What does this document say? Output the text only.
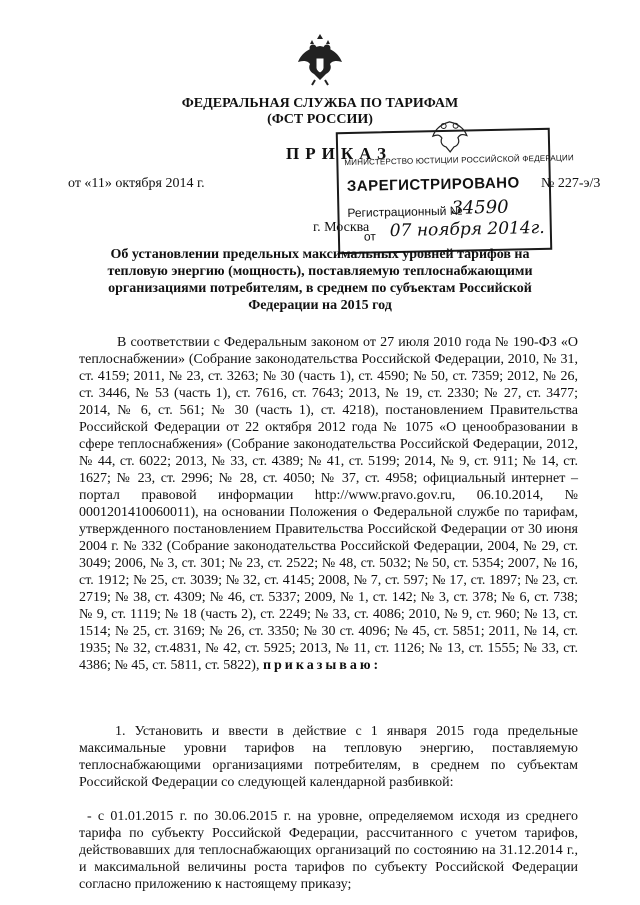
ФЕДЕРАЛЬНАЯ СЛУЖБА ПО ТАРИФАМ
(ФСТ РОССИИ)
ПРИКАЗ
от «11» октября 2014 г.	№ 227-э/3
г. Москва
МИНИСТЕРСТВО ЮСТИЦИИ РОССИЙСКОЙ ФЕДЕРАЦИИ
ЗАРЕГИСТРИРОВАНО
Регистрационный №
34590
от 07 ноября 2014г.
Об установлении предельных максимальных уровней тарифов на тепловую энергию (мощность), поставляемую теплоснабжающими организациями потребителям, в среднем по субъектам Российской Федерации на 2015 год
В соответствии с Федеральным законом от 27 июля 2010 года № 190-ФЗ «О теплоснабжении» (Собрание законодательства Российской Федерации, 2010, № 31, ст. 4159; 2011, № 23, ст. 3263; № 30 (часть 1), ст. 4590; № 50, ст. 7359; 2012, № 26, ст. 3446, № 53 (часть 1), ст. 7616, ст. 7643; 2013, № 19, ст. 2330; № 27, ст. 3477; 2014, № 6, ст. 561; № 30 (часть 1), ст. 4218), постановлением Правительства Российской Федерации от 22 октября 2012 года № 1075 «О ценообразовании в сфере теплоснабжения» (Собрание законодательства Российской Федерации, 2012, № 44, ст. 6022; 2013, № 33, ст. 4389; № 41, ст. 5199; 2014, № 9, ст. 911; № 14, ст. 1627; № 23, ст. 2996; № 28, ст. 4050; № 37, ст. 4958; официальный интернет – портал правовой информации http://www.pravo.gov.ru, 06.10.2014, № 0001201410060011), на основании Положения о Федеральной службе по тарифам, утвержденного постановлением Правительства Российской Федерации от 30 июня 2004 г. № 332 (Собрание законодательства Российской Федерации, 2004, № 29, ст. 3049; 2006, № 3, ст. 301; № 23, ст. 2522; № 48, ст. 5032; № 50, ст. 5354; 2007, № 16, ст. 1912; № 25, ст. 3039; № 32, ст. 4145; 2008, № 7, ст. 597; № 17, ст. 1897; № 23, ст. 2719; № 38, ст. 4309; № 46, ст. 5337; 2009, № 1, ст. 142; № 3, ст. 378; № 6, ст. 738; № 9, ст. 1119; № 18 (часть 2), ст. 2249; № 33, ст. 4086; 2010, № 9, ст. 960; № 13, ст. 1514; № 25, ст. 3169; № 26, ст. 3350; № 30 ст. 4096; № 45, ст. 5851; 2011, № 14, ст. 1935; № 32, ст.4831, № 42, ст. 5925; 2013, № 11, ст. 1126; № 13, ст. 1555; № 33, ст. 4386; № 45, ст. 5811, ст. 5822), приказываю:
1. Установить и ввести в действие с 1 января 2015 года предельные максимальные уровни тарифов на тепловую энергию, поставляемую теплоснабжающими организациями потребителям, в среднем по субъектам Российской Федерации со следующей календарной разбивкой:
- с 01.01.2015 г. по 30.06.2015 г. на уровне, определяемом исходя из среднего тарифа по субъекту Российской Федерации, рассчитанного с учетом тарифов, действовавших для теплоснабжающих организаций по состоянию на 31.12.2014 г., и максимальной величины роста тарифов по субъекту Российской Федерации согласно приложению к настоящему приказу;
